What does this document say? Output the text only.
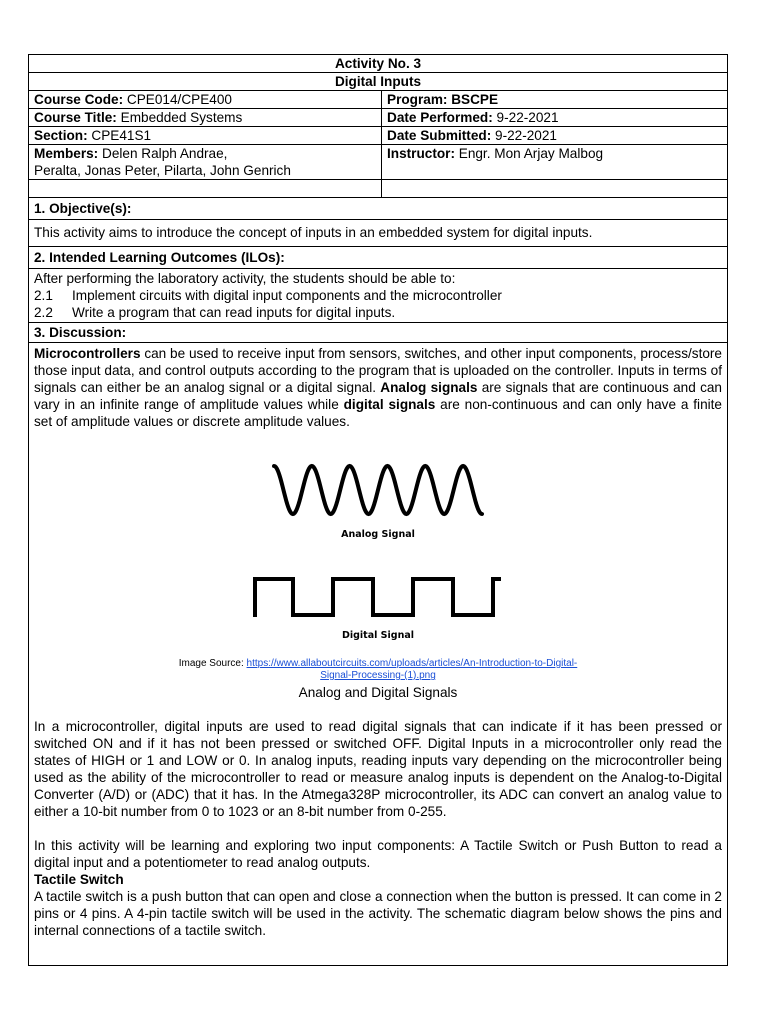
Activity No. 3	
Digital Inputs	
Course Code: CPE014/CPE400	Program: BSCPE
Course Title: Embedded Systems	Date Performed: 9-22-2021
Section: CPE41S1	Date Submitted: 9-22-2021
Members: Delen Ralph Andrae,
Peralta, Jonas Peter, Pilarta, John Genrich	Instructor: Engr. Mon Arjay Malbog

1. Objective(s):
This activity aims to introduce the concept of inputs in an embedded system for digital inputs.
2. Intended Learning Outcomes (ILOs):
After performing the laboratory activity, the students should be able to:
2.1 Implement circuits with digital input components and the microcontroller
2.2 Write a program that can read inputs for digital inputs.
3. Discussion:
Microcontrollers can be used to receive input from sensors, switches, and other input components, process/store those input data, and control outputs according to the program that is uploaded on the controller. Inputs in terms of signals can either be an analog signal or a digital signal. Analog signals are signals that are continuous and can vary in an infinite range of amplitude values while digital signals are non-continuous and can only have a finite set of amplitude values or discrete amplitude values.
Analog Signal
Digital Signal
Image Source: https://www.allaboutcircuits.com/uploads/articles/An-Introduction-to-Digital-
Signal-Processing-(1).png
Analog and Digital Signals
In a microcontroller, digital inputs are used to read digital signals that can indicate if it has been pressed or switched ON and if it has not been pressed or switched OFF. Digital Inputs in a microcontroller only read the states of HIGH or 1 and LOW or 0. In analog inputs, reading inputs vary depending on the microcontroller being used as the ability of the microcontroller to read or measure analog inputs is dependent on the Analog-to-Digital Converter (A/D) or (ADC) that it has. In the Atmega328P microcontroller, its ADC can convert an analog value to either a 10-bit number from 0 to 1023 or an 8-bit number from 0-255.
In this activity will be learning and exploring two input components: A Tactile Switch or Push Button to read a digital input and a potentiometer to read analog outputs.
Tactile Switch
A tactile switch is a push button that can open and close a connection when the button is pressed. It can come in 2 pins or 4 pins. A 4-pin tactile switch will be used in the activity. The schematic diagram below shows the pins and internal connections of a tactile switch.
